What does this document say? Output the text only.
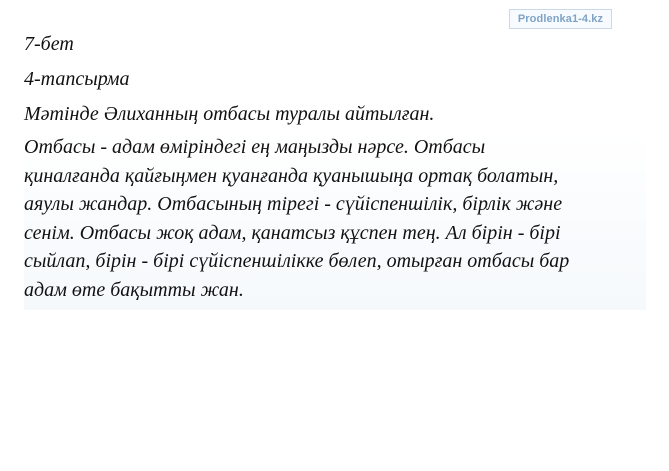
Prodlenka1-4.kz

7-бет

4-тапсырма

Мәтінде Әлиханның отбасы туралы айтылған.

Отбасы - адам өміріндегі ең маңызды нәрсе. Отбасы

қиналғанда қайғыңмен қуанғанда қуанышыңа ортақ болатын,

аяулы жандар. Отбасының тірегі - сүйіспеншілік, бірлік және

сенім. Отбасы жоқ адам, қанатсыз құспен тең. Ал бірін - бірі

сыйлап, бірін - бірі сүйіспеншілікке бөлеп, отырған отбасы бар

адам өте бақытты жан.
